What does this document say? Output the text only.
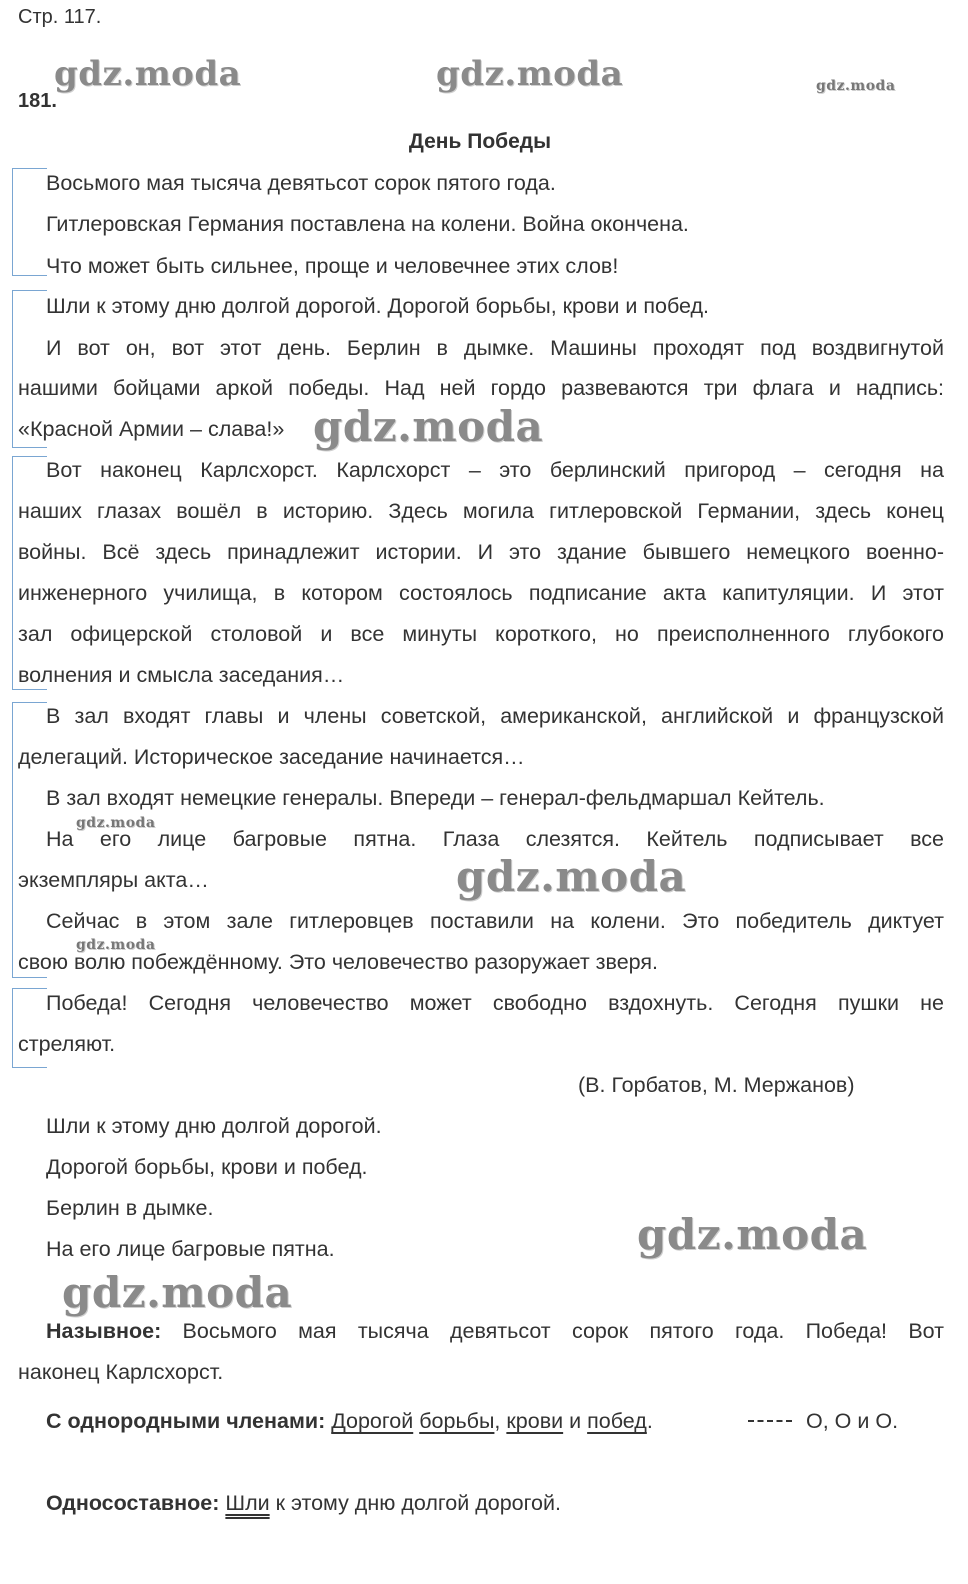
Стр. 117.
181.
gdz.moda	gdz.moda	gdz.moda
gdz.moda
gdz.moda
gdz.moda
gdz.moda
gdz.moda
gdz.moda
День Победы
Восьмого мая тысяча девятьсот сорок пятого года.
Гитлеровская Германия поставлена на колени. Война окончена.
Что может быть сильнее, проще и человечнее этих слов!
Шли к этому дню долгой дорогой. Дорогой борьбы, крови и побед.
И вот он, вот этот день. Берлин в дымке. Машины проходят под воздвигнутой
нашими бойцами аркой победы. Над ней гордо развеваются три флага и надпись:
«Красной Армии – слава!»
Вот наконец Карлсхорст. Карлсхорст – это берлинский пригород – сегодня на
наших глазах вошёл в историю. Здесь могила гитлеровской Германии, здесь конец
войны. Всё здесь принадлежит истории. И это здание бывшего немецкого военно-
инженерного училища, в котором состоялось подписание акта капитуляции. И этот
зал офицерской столовой и все минуты короткого, но преисполненного глубокого
волнения и смысла заседания…
В зал входят главы и члены советской, американской, английской и французской
делегаций. Историческое заседание начинается…
В зал входят немецкие генералы. Впереди – генерал-фельдмаршал Кейтель.
На его лице багровые пятна. Глаза слезятся. Кейтель подписывает все
экземпляры акта…
Сейчас в этом зале гитлеровцев поставили на колени. Это победитель диктует
свою волю побеждённому. Это человечество разоружает зверя.
Победа! Сегодня человечество может свободно вздохнуть. Сегодня пушки не
стреляют.
(В. Горбатов, М. Мержанов)
Шли к этому дню долгой дорогой.
Дорогой борьбы, крови и побед.
Берлин в дымке.
На его лице багровые пятна.
Назывное: Восьмого мая тысяча девятьсот сорок пятого года. Победа! Вот
наконец Карлсхорст.
С однородными членами: Дорогой борьбы, крови и побед.	О, О и О.
Односоставное: Шли к этому дню долгой дорогой.
